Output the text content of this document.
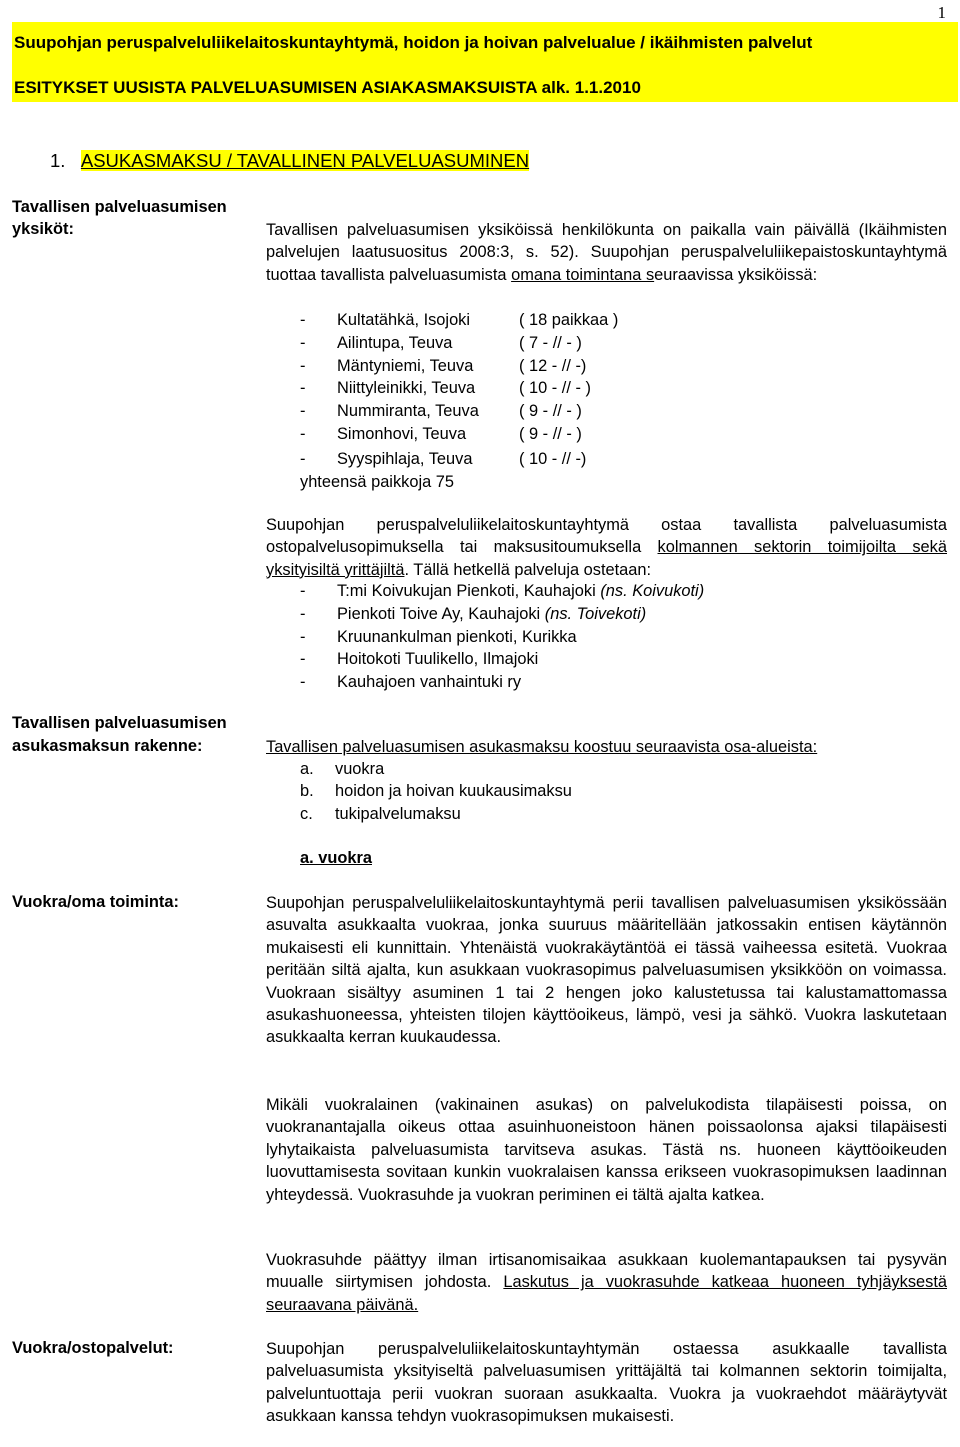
1
Suupohjan peruspalveluliikelaitoskuntayhtymä, hoidon ja hoivan palvelualue / ikäihmisten palvelut
ESITYKSET UUSISTA PALVELUASUMISEN ASIAKASMAKSUISTA alk. 1.1.2010
1. ASUKASMAKSU / TAVALLINEN PALVELUASUMINEN
Tavallisen palveluasumisen
yksiköt:	Tavallisen palveluasumisen yksiköissä henkilökunta on paikalla vain päivällä (Ikäihmisten palvelujen laatusuositus 2008:3, s. 52). Suupohjan peruspalveluliikepaistoskuntayhtymä tuottaa tavallista palveluasumista omana toimintana seuraavissa yksiköissä:

- Kultatähkä, Isojoki	( 18 paikkaa )
- Ailintupa, Teuva	( 7 - // - )
- Mäntyniemi, Teuva	( 12 - // -)
- Niittyleinikki, Teuva	( 10 - // - )
- Nummiranta, Teuva ( 9 - // - )
- Simonhovi, Teuva	( 9 - // - )
- Syyspihlaja, Teuva	( 10 - // -)
yhteensä paikkoja 75

Suupohjan peruspalveluliikelaitoskuntayhtymä ostaa tavallista palveluasumista ostopalvelusopimuksella tai maksusitoumuksella kolmannen sektorin toimijoilta sekä yksityisiltä yrittäjiltä. Tällä hetkellä palveluja ostetaan:

- T:mi Koivukujan Pienkoti, Kauhajoki (ns. Koivukoti)
- Pienkoti Toive Ay, Kauhajoki (ns. Toivekoti)
- Kruunankulman pienkoti, Kurikka
- Hoitokoti Tuulikello, Ilmajoki
- Kauhajoen vanhaintuki ry
Tavallisen palveluasumisen
asukasmaksun rakenne:	Tavallisen palveluasumisen asukasmaksu koostuu seuraavista osa-alueista:
a. vuokra
b. hoidon ja hoivan kuukausimaksu
c. tukipalvelumaksu
a. vuokra
Vuokra/oma toiminta:	Suupohjan peruspalveluliikelaitoskuntayhtymä perii tavallisen palveluasumisen yksikössään asuvalta asukkaalta vuokraa, jonka suuruus määritellään jatkossakin entisen käytännön mukaisesti eli kunnittain. Yhtenäistä vuokrakäytäntöä ei tässä vaiheessa esitetä. Vuokraa peritään siltä ajalta, kun asukkaan vuokrasopimus palveluasumisen yksikköön on voimassa. Vuokraan sisältyy asuminen 1 tai 2 hengen joko kalustetussa tai kalustamattomassa asukashuoneessa, yhteisten tilojen käyttöoikeus, lämpö, vesi ja sähkö. Vuokra laskutetaan asukkaalta kerran kuukaudessa.
Mikäli vuokralainen (vakinainen asukas) on palvelukodista tilapäisesti poissa, on vuokranantajalla oikeus ottaa asuinhuoneistoon hänen poissaolonsa ajaksi tilapäisesti lyhytaikaista palveluasumista tarvitseva asukas. Tästä ns. huoneen käyttöoikeuden luovuttamisesta sovitaan kunkin vuokralaisen kanssa erikseen vuokrasopimuksen laadinnan yhteydessä. Vuokrasuhde ja vuokran periminen ei tältä ajalta katkea.

Vuokrasuhde päättyy ilman irtisanomisaikaa asukkaan kuolemantapauksen tai pysyvän muualle siirtymisen johdosta. Laskutus ja vuokrasuhde katkeaa huoneen tyhjäyksestä seuraavana päivänä.

Vuokra/ostopalvelut:	Suupohjan peruspalveluliikelaitoskuntayhtymän ostaessa asukkaalle tavallista palveluasumista yksityiseltä palveluasumisen yrittäjältä tai kolmannen sektorin toimijalta, palveluntuottaja perii vuokran suoraan asukkaalta. Vuokra ja vuokraehdot määräytyvät asukkaan kanssa tehdyn vuokrasopimuksen mukaisesti.
